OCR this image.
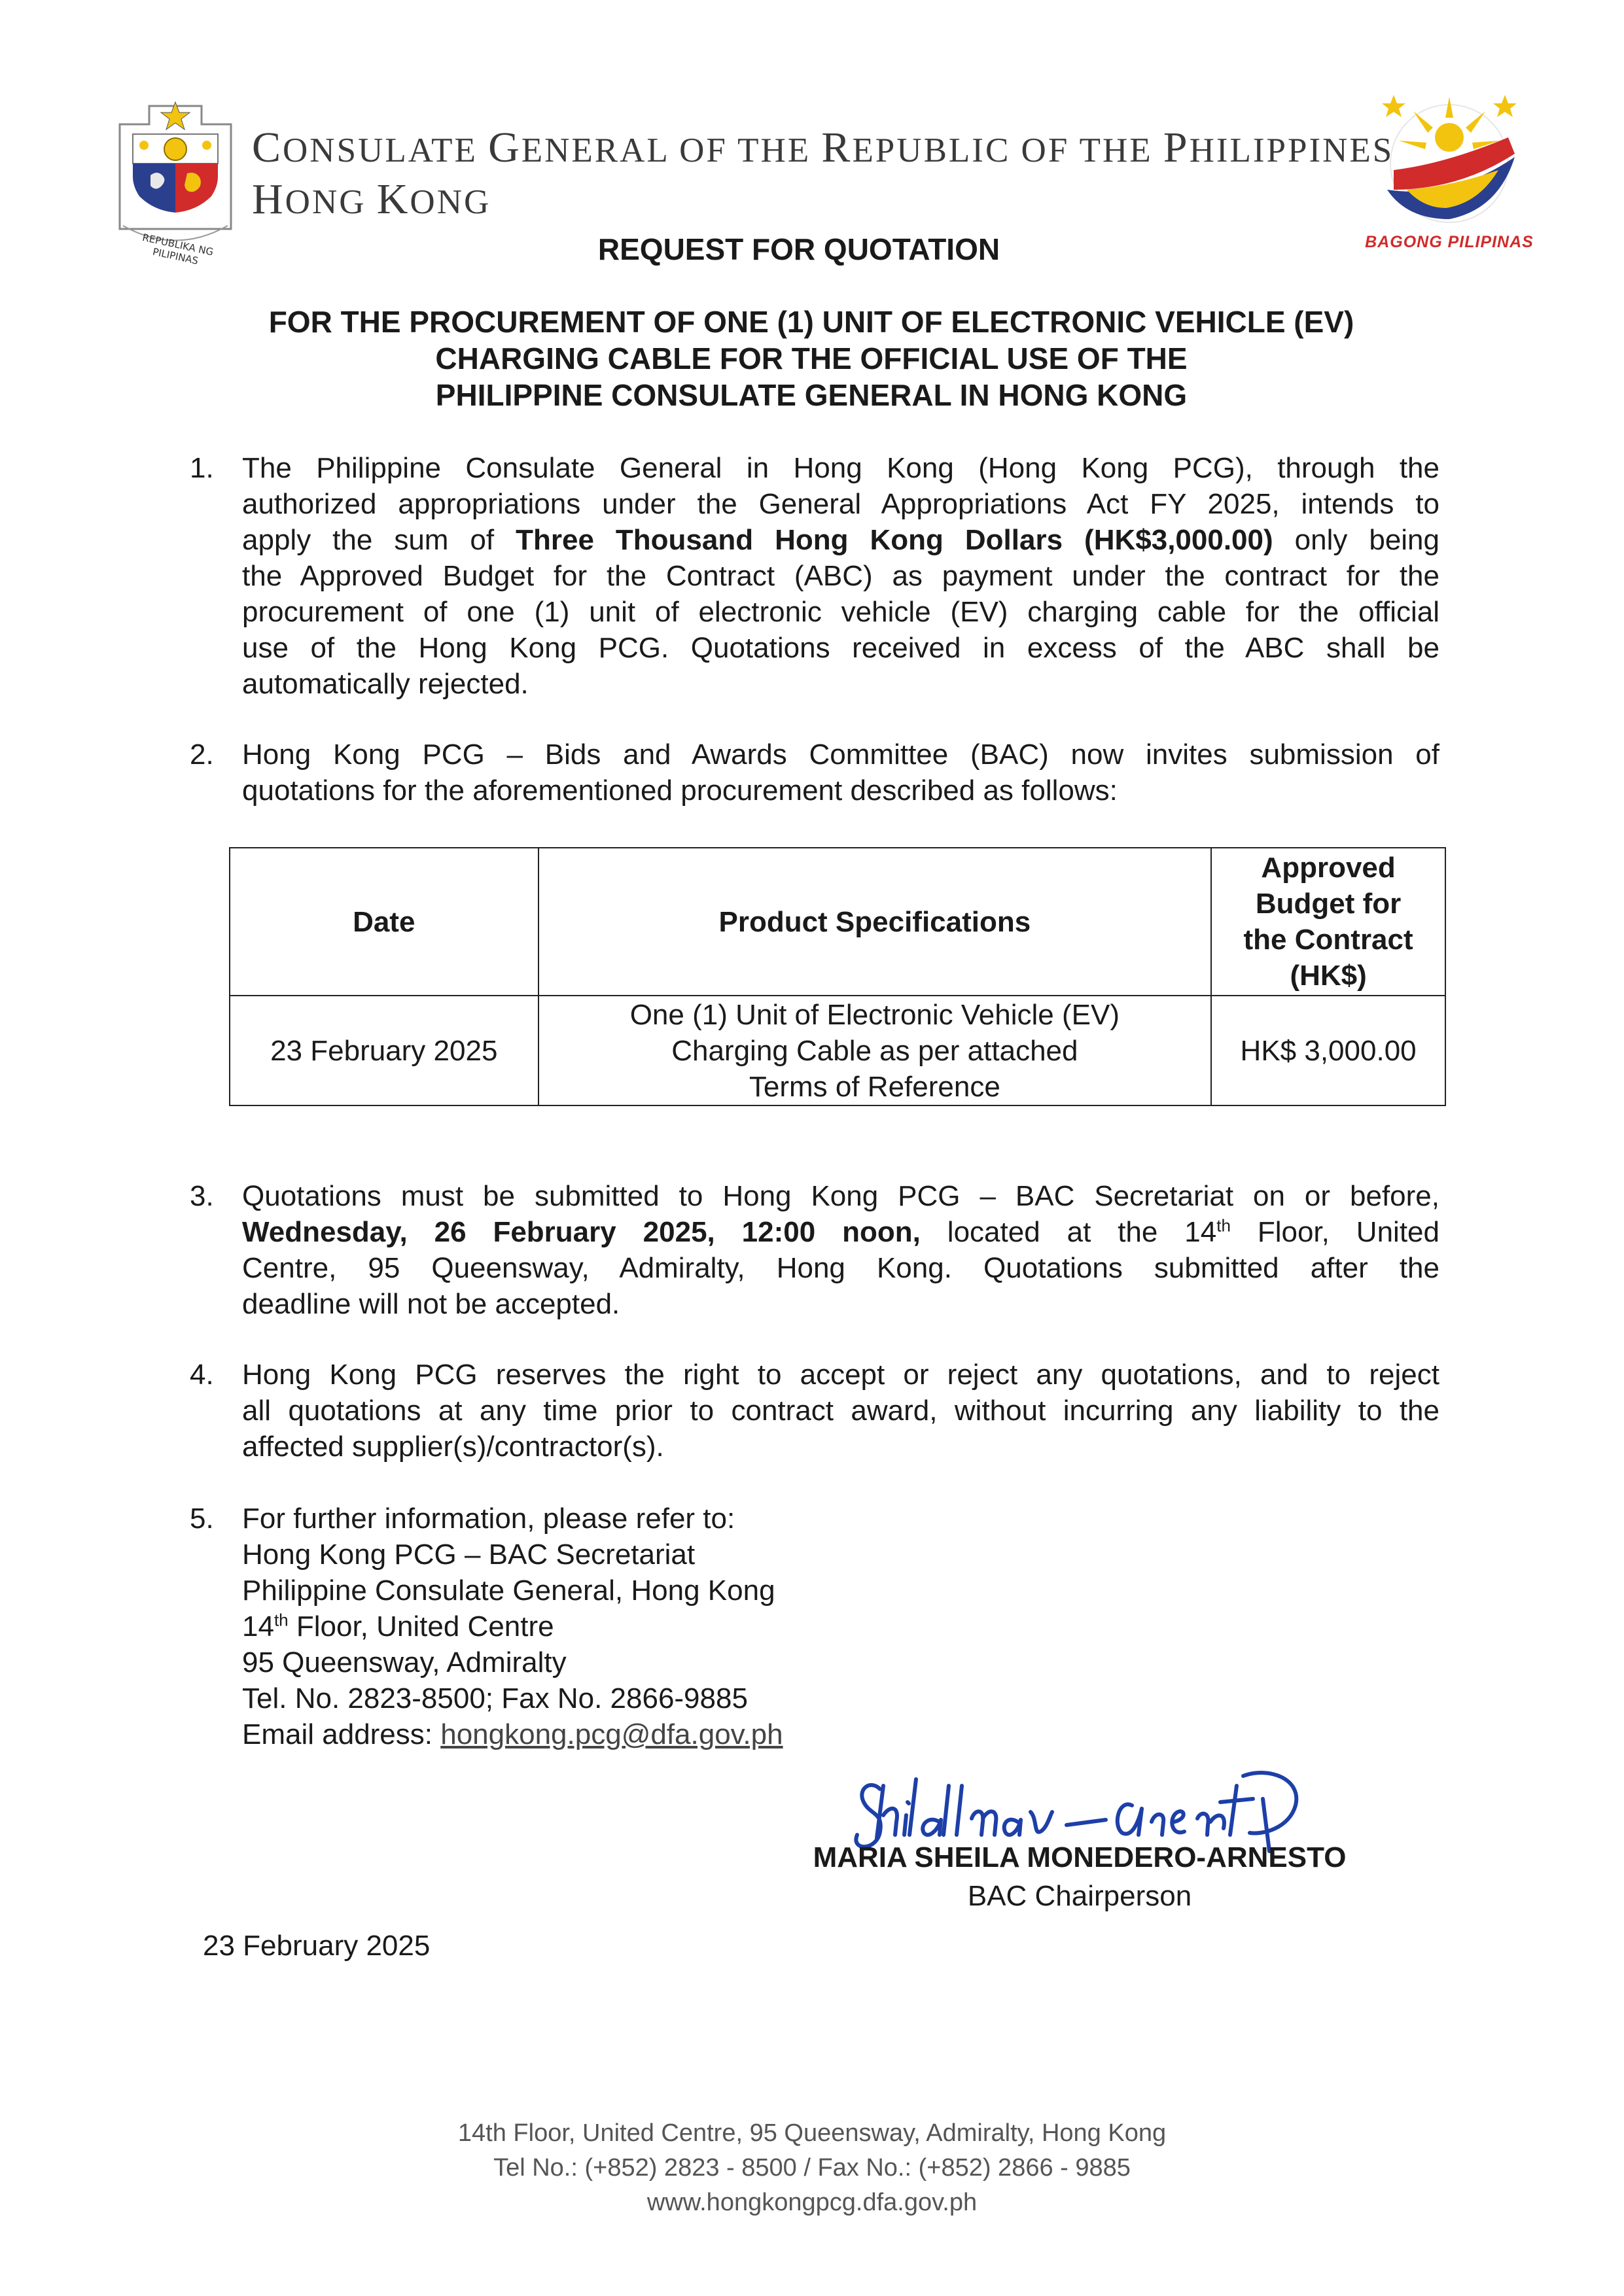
REPUBLIKA NG PILIPINAS
CONSULATE GENERAL OF THE REPUBLIC OF THE PHILIPPINES
HONG KONG
BAGONG PILIPINAS
REQUEST FOR QUOTATION
FOR THE PROCUREMENT OF ONE (1) UNIT OF ELECTRONIC VEHICLE (EV)
CHARGING CABLE FOR THE OFFICIAL USE OF THE
PHILIPPINE CONSULATE GENERAL IN HONG KONG
1. The Philippine Consulate General in Hong Kong (Hong Kong PCG), through the
authorized appropriations under the General Appropriations Act FY 2025, intends to
apply the sum of Three Thousand Hong Kong Dollars (HK$3,000.00) only being
the Approved Budget for the Contract (ABC) as payment under the contract for the
procurement of one (1) unit of electronic vehicle (EV) charging cable for the official
use of the Hong Kong PCG. Quotations received in excess of the ABC shall be
automatically rejected.
2. Hong Kong PCG – Bids and Awards Committee (BAC) now invites submission of
quotations for the aforementioned procurement described as follows:
Date	Product Specifications	Approved
Budget for
the Contract
(HK$)

23 February 2025	One (1) Unit of Electronic Vehicle (EV)
Charging Cable as per attached
Terms of Reference	HK$ 3,000.00
3. Quotations must be submitted to Hong Kong PCG – BAC Secretariat on or before,
Wednesday, 26 February 2025, 12:00 noon, located at the 14th Floor, United
Centre, 95 Queensway, Admiralty, Hong Kong. Quotations submitted after the
deadline will not be accepted.
4. Hong Kong PCG reserves the right to accept or reject any quotations, and to reject
all quotations at any time prior to contract award, without incurring any liability to the
affected supplier(s)/contractor(s).
5. For further information, please refer to:
Hong Kong PCG – BAC Secretariat
Philippine Consulate General, Hong Kong
14th Floor, United Centre
95 Queensway, Admiralty
Tel. No. 2823-8500; Fax No. 2866-9885
Email address: hongkong.pcg@dfa.gov.ph
MARIA SHEILA MONEDERO-ARNESTO
BAC Chairperson
23 February 2025
14th Floor, United Centre, 95 Queensway, Admiralty, Hong Kong
Tel No.: (+852) 2823 - 8500 / Fax No.: (+852) 2866 - 9885
www.hongkongpcg.dfa.gov.ph
